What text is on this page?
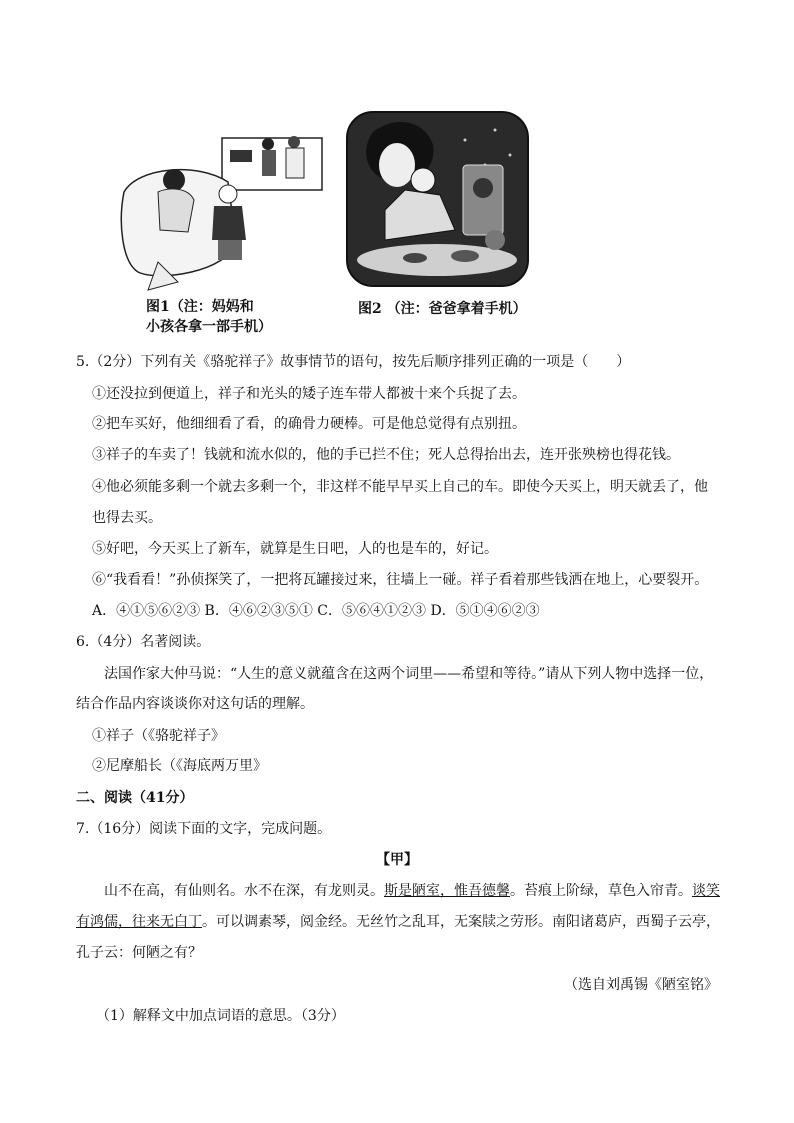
图1（注：妈妈和
小孩各拿一部手机）
图2 （注：爸爸拿着手机）
5.（2分）下列有关《骆驼祥子》故事情节的语句，按先后顺序排列正确的一项是（　　）
①还没拉到便道上，祥子和光头的矮子连车带人都被十来个兵捉了去。
②把车买好，他细细看了看，的确骨力硬棒。可是他总觉得有点别扭。
③祥子的车卖了！钱就和流水似的，他的手已拦不住；死人总得抬出去，连开张殃榜也得花钱。
④他必须能多剩一个就去多剩一个，非这样不能早早买上自己的车。即使今天买上，明天就丢了，他
也得去买。
⑤好吧，今天买上了新车，就算是生日吧，人的也是车的，好记。
⑥“我看看！”孙侦探笑了，一把将瓦罐接过来，往墙上一碰。祥子看着那些钱洒在地上，心要裂开。
A．④①⑤⑥②③ B．④⑥②③⑤① C．⑤⑥④①②③ D．⑤①④⑥②③
6.（4分）名著阅读。
法国作家大仲马说：“人生的意义就蕴含在这两个词里——希望和等待。”请从下列人物中选择一位，
结合作品内容谈谈你对这句话的理解。
①祥子（《骆驼祥子》
②尼摩船长（《海底两万里》
二、阅读（41分）
7.（16分）阅读下面的文字，完成问题。
【甲】
山不在高，有仙则名。水不在深，有龙则灵。斯是陋室，惟吾德馨。苔痕上阶绿，草色入帘青。谈笑
有鸿儒，往来无白丁。可以调素琴，阅金经。无丝竹之乱耳，无案牍之劳形。南阳诸葛庐，西蜀子云亭，
孔子云：何陋之有？
（选自刘禹锡《陋室铭》
（1）解释文中加点词语的意思。（3分）
